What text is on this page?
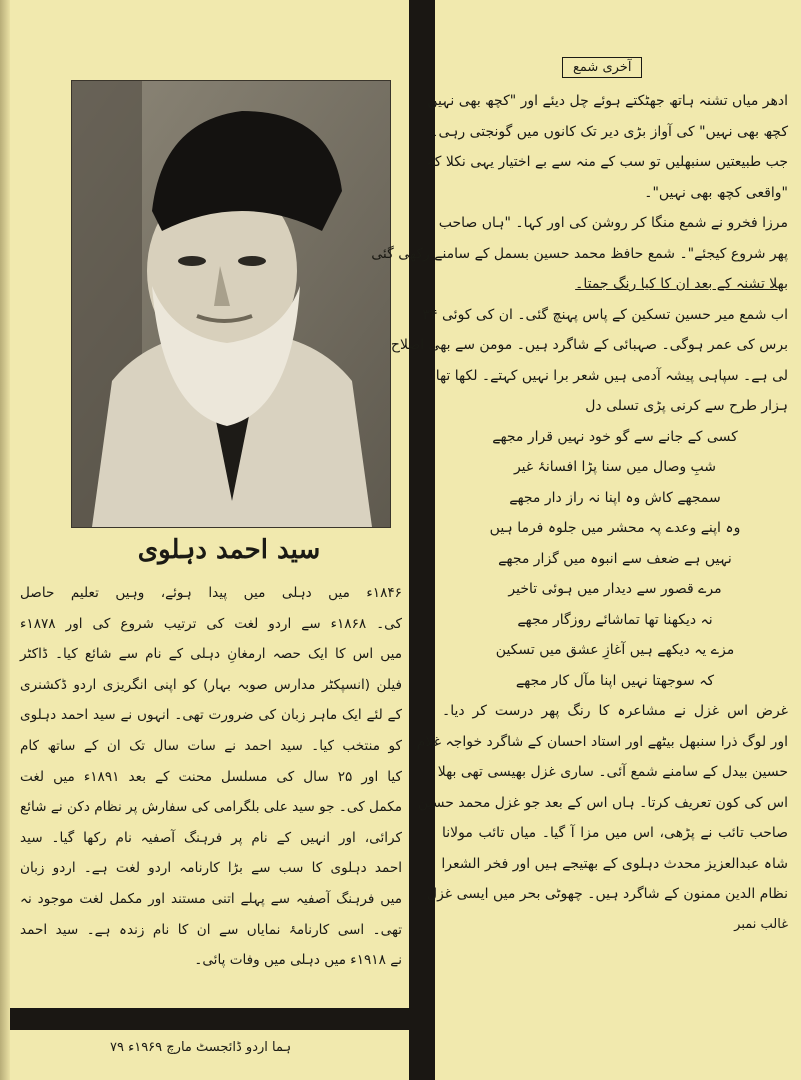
سید احمد دہلوی
۱۸۴۶ء میں دہلی میں پیدا ہوئے، وہیں تعلیم حاصل
کی۔ ۱۸۶۸ء سے اردو لغت کی ترتیب شروع کی اور ۱۸۷۸ء
میں اس کا ایک حصہ ارمغانِ دہلی کے نام سے شائع کیا۔ ڈاکٹر
فیلن (انسپکٹر مدارس صوبہ بہار) کو اپنی انگریزی اردو ڈکشنری
کے لئے ایک ماہر زبان کی ضرورت تھی۔ انہوں نے سید احمد دہلوی
کو منتخب کیا۔ سید احمد نے سات سال تک ان کے ساتھ کام
کیا اور ۲۵ سال کی مسلسل محنت کے بعد ۱۸۹۱ء میں لغت
مکمل کی۔ جو سید علی بلگرامی کی سفارش پر نظام دکن نے شائع
کرائی، اور انہیں کے نام پر فرہنگ آصفیہ نام رکھا گیا۔ سید
احمد دہلوی کا سب سے بڑا کارنامہ اردو لغت ہے۔ اردو زبان
میں فرہنگ آصفیہ سے پہلے اتنی مستند اور مکمل لغت موجود نہ
تھی۔ اسی کارنامۂ نمایاں سے ان کا نام زندہ ہے۔ سید احمد
نے ۱۹۱۸ء میں دہلی میں وفات پائی۔
ہما اردو ڈائجسٹ مارچ ۱۹۶۹ء ۷۹
آخری شمع
ادھر میاں تشنہ ہاتھ جھٹکتے ہوئے چل دیئے اور "کچھ بھی نہیں
کچھ بھی نہیں" کی آواز بڑی دیر تک کانوں میں گونجتی رہی۔
جب طبیعتیں سنبھلیں تو سب کے منہ سے بے اختیار یہی نکلا کہ
"واقعی کچھ بھی نہیں"۔
مرزا فخرو نے شمع منگا کر روشن کی اور کہا۔ "ہاں صاحب
پھر شروع کیجئے"۔ شمع حافظ محمد حسین بسمل کے سامنے رکھی گئی
بھلا تشنہ کے بعد ان کا کیا رنگ جمتا۔
اب شمع میر حسین تسکین کے پاس پہنچ گئی۔ ان کی کوئی ۳۴
برس کی عمر ہوگی۔ صہبائی کے شاگرد ہیں۔ مومن سے بھی اصلاح
لی ہے۔ سپاہی پیشہ آدمی ہیں شعر برا نہیں کہتے۔ لکھا تھا۔
ہزار طرح سے کرنی پڑی تسلی دل
کسی کے جانے سے گو خود نہیں قرار مجھے
شبِ وصال میں سنا پڑا افسانۂ غیر
سمجھے کاش وہ اپنا نہ راز دار مجھے
وہ اپنے وعدے پہ محشر میں جلوہ فرما ہیں
نہیں ہے ضعف سے انبوہ میں گزار مجھے
مرے قصور سے دیدار میں ہوئی تاخیر
نہ دیکھنا تھا تماشائے روزگار مجھے
مزے یہ دیکھے ہیں آغازِ عشق میں تسکین
کہ سوجھتا نہیں اپنا مآل کار مجھے
غرض اس غزل نے مشاعرہ کا رنگ پھر درست کر دیا۔
اور لوگ ذرا سنبھل بیٹھے اور استاد احسان کے شاگرد خواجہ غلام
حسین بیدل کے سامنے شمع آئی۔ ساری غزل بھیسی تھی بھلا
اس کی کون تعریف کرتا۔ ہاں اس کے بعد جو غزل محمد حسین
صاحب تائب نے پڑھی، اس میں مزا آ گیا۔ میاں تائب مولانا
شاہ عبدالعزیز محدث دہلوی کے بھتیجے ہیں اور فخر الشعرا
نظام الدین ممنون کے شاگرد ہیں۔ چھوٹی بحر میں ایسی غزل
غالب نمبر
